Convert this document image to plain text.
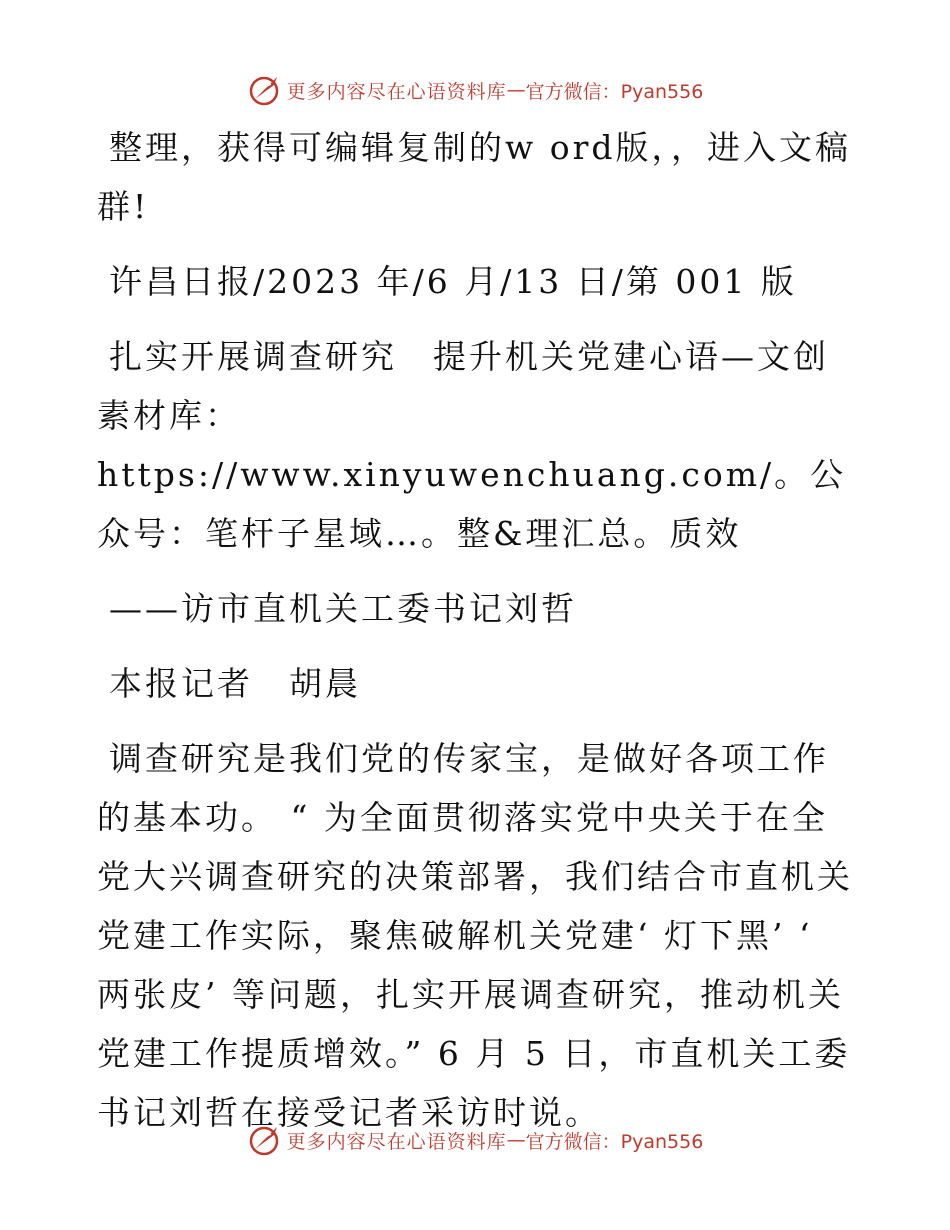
更多内容尽在心语资料库 — 官方微信：Pyan556

整理，获得可编辑复制的w ord版，，进入文稿群!

许昌日报/2023 年/6 月/13 日/第 001 版

扎实开展调查研究　提升机关党建心语—文创素材库：https://www.xinyuwenchuang.com/。公众号：笔杆子星域…。整&理汇总。质效

——访市直机关工委书记刘哲

本报记者　胡晨

调查研究是我们党的传家宝，是做好各项工作的基本功。 “ 为全面贯彻落实党中央关于在全党大兴调查研究的决策部署，我们结合市直机关党建工作实际，聚焦破解机关党建‘ 灯下黑’ ‘ 两张皮’ 等问题，扎实开展调查研究，推动机关党建工作提质增效。” 6 月 5 日，市直机关工委书记刘哲在接受记者采访时说。

更多内容尽在心语资料库 — 官方微信：Pyan556
